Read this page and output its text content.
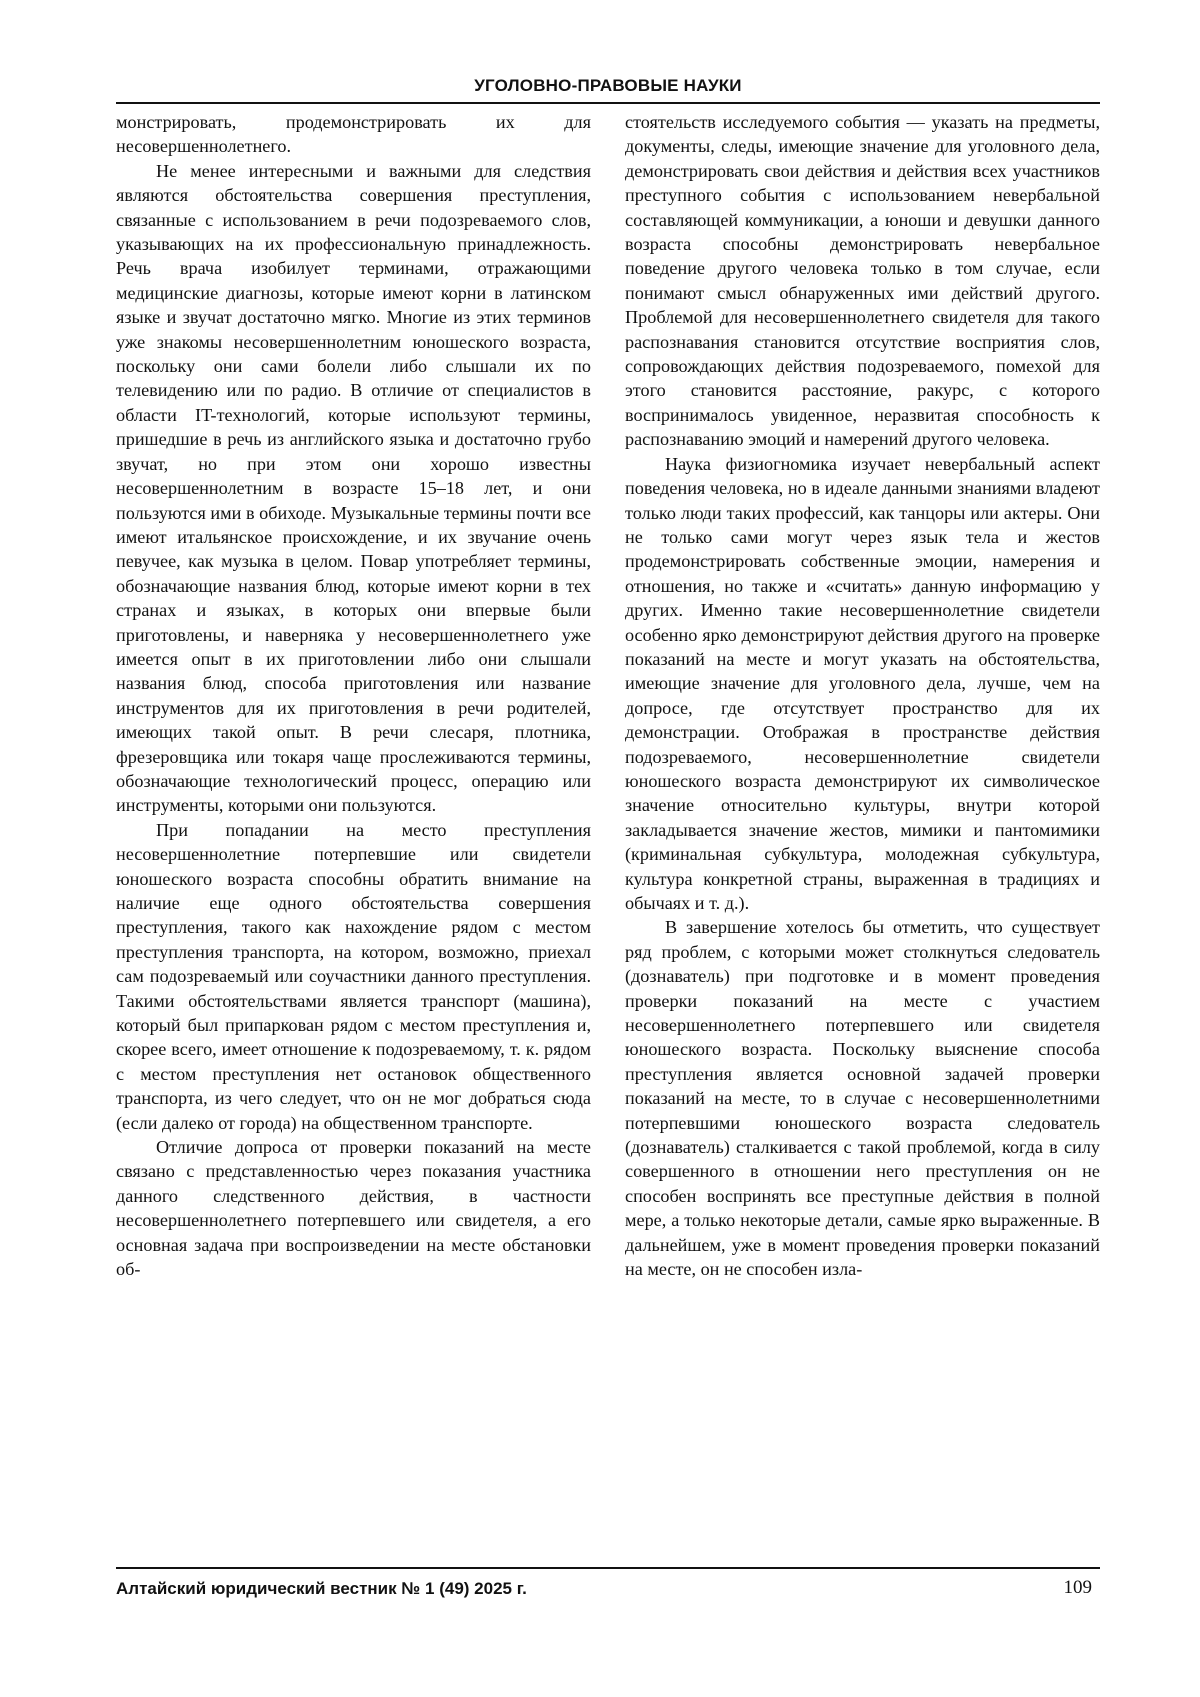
УГОЛОВНО-ПРАВОВЫЕ НАУКИ

монстрировать, продемонстрировать их для несовершеннолетнего.

Не менее интересными и важными для следствия являются обстоятельства совершения преступления, связанные с использованием в речи подозреваемого слов, указывающих на их профессиональную принадлежность. Речь врача изобилует терминами, отражающими медицинские диагнозы, которые имеют корни в латинском языке и звучат достаточно мягко. Многие из этих терминов уже знакомы несовершеннолетним юношеского возраста, поскольку они сами болели либо слышали их по телевидению или по радио. В отличие от специалистов в области IT-технологий, которые используют термины, пришедшие в речь из английского языка и достаточно грубо звучат, но при этом они хорошо известны несовершеннолетним в возрасте 15–18 лет, и они пользуются ими в обиходе. Музыкальные термины почти все имеют итальянское происхождение, и их звучание очень певучее, как музыка в целом. Повар употребляет термины, обозначающие названия блюд, которые имеют корни в тех странах и языках, в которых они впервые были приготовлены, и наверняка у несовершеннолетнего уже имеется опыт в их приготовлении либо они слышали названия блюд, способа приготовления или название инструментов для их приготовления в речи родителей, имеющих такой опыт. В речи слесаря, плотника, фрезеровщика или токаря чаще прослеживаются термины, обозначающие технологический процесс, операцию или инструменты, которыми они пользуются.

При попадании на место преступления несовершеннолетние потерпевшие или свидетели юношеского возраста способны обратить внимание на наличие еще одного обстоятельства совершения преступления, такого как нахождение рядом с местом преступления транспорта, на котором, возможно, приехал сам подозреваемый или соучастники данного преступления. Такими обстоятельствами является транспорт (машина), который был припаркован рядом с местом преступления и, скорее всего, имеет отношение к подозреваемому, т. к. рядом с местом преступления нет остановок общественного транспорта, из чего следует, что он не мог добраться сюда (если далеко от города) на общественном транспорте.

Отличие допроса от проверки показаний на месте связано с представленностью через показания участника данного следственного действия, в частности несовершеннолетнего потерпевшего или свидетеля, а его основная задача при воспроизведении на месте обстановки об-

стоятельств исследуемого события — указать на предметы, документы, следы, имеющие значение для уголовного дела, демонстрировать свои действия и действия всех участников преступного события с использованием невербальной составляющей коммуникации, а юноши и девушки данного возраста способны демонстрировать невербальное поведение другого человека только в том случае, если понимают смысл обнаруженных ими действий другого. Проблемой для несовершеннолетнего свидетеля для такого распознавания становится отсутствие восприятия слов, сопровождающих действия подозреваемого, помехой для этого становится расстояние, ракурс, с которого воспринималось увиденное, неразвитая способность к распознаванию эмоций и намерений другого человека.

Наука физиогномика изучает невербальный аспект поведения человека, но в идеале данными знаниями владеют только люди таких профессий, как танцоры или актеры. Они не только сами могут через язык тела и жестов продемонстрировать собственные эмоции, намерения и отношения, но также и «считать» данную информацию у других. Именно такие несовершеннолетние свидетели особенно ярко демонстрируют действия другого на проверке показаний на месте и могут указать на обстоятельства, имеющие значение для уголовного дела, лучше, чем на допросе, где отсутствует пространство для их демонстрации. Отображая в пространстве действия подозреваемого, несовершеннолетние свидетели юношеского возраста демонстрируют их символическое значение относительно культуры, внутри которой закладывается значение жестов, мимики и пантомимики (криминальная субкультура, молодежная субкультура, культура конкретной страны, выраженная в традициях и обычаях и т. д.).

В завершение хотелось бы отметить, что существует ряд проблем, с которыми может столкнуться следователь (дознаватель) при подготовке и в момент проведения проверки показаний на месте с участием несовершеннолетнего потерпевшего или свидетеля юношеского возраста. Поскольку выяснение способа преступления является основной задачей проверки показаний на месте, то в случае с несовершеннолетними потерпевшими юношеского возраста следователь (дознаватель) сталкивается с такой проблемой, когда в силу совершенного в отношении него преступления он не способен воспринять все преступные действия в полной мере, а только некоторые детали, самые ярко выраженные. В дальнейшем, уже в момент проведения проверки показаний на месте, он не способен изла-

Алтайский юридический вестник № 1 (49) 2025 г.	109
